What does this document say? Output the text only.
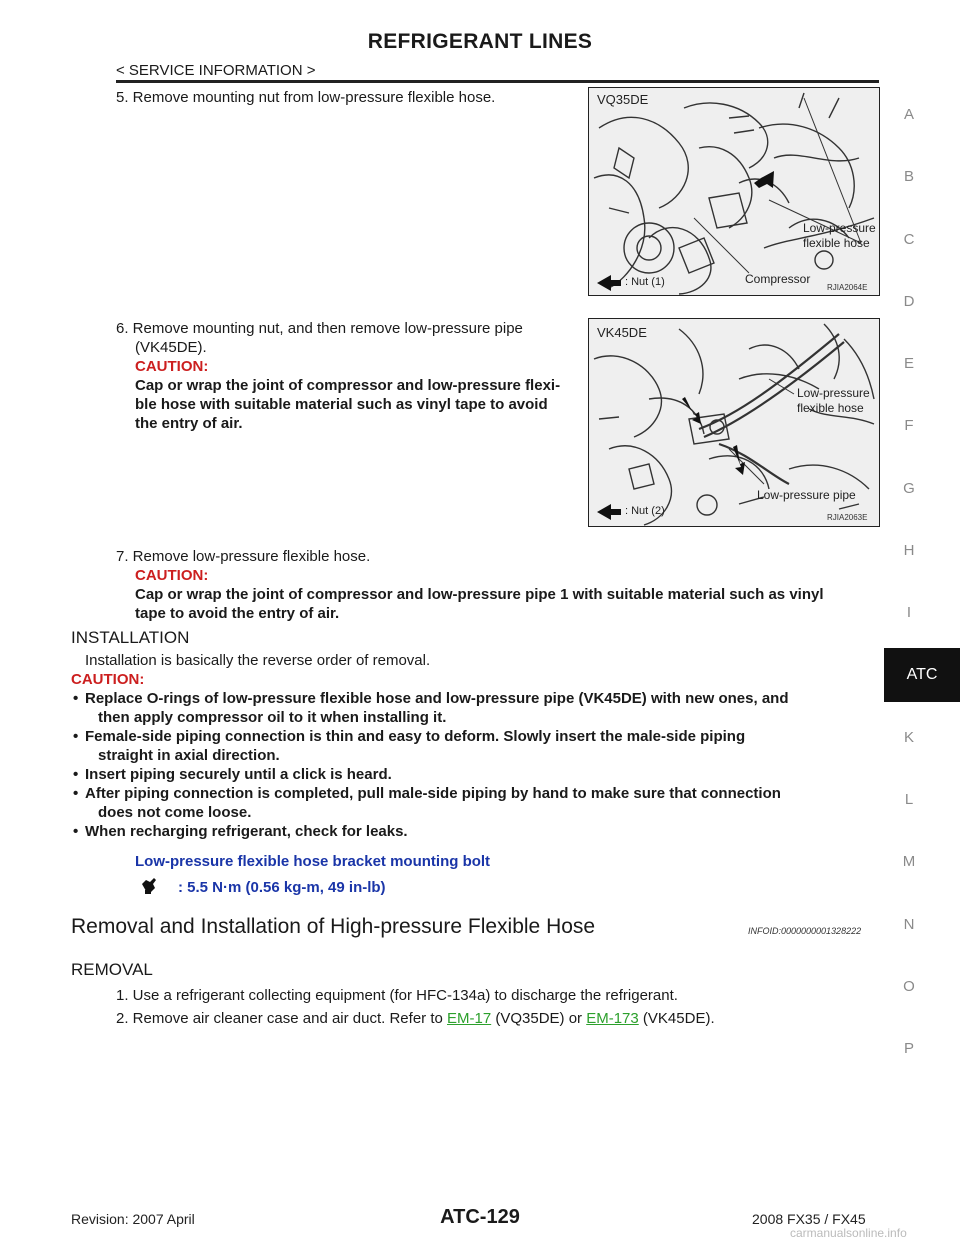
REFRIGERANT LINES
< SERVICE INFORMATION >
A
B
C
D
E
F
G
H
I
ATC
K
L
M
N
O
P
5. Remove mounting nut from low-pressure flexible hose.	VQ35DE
Low-pressure
flexible hose
Compressor
: Nut (1)	RJIA2064E
6. Remove mounting nut, and then remove low-pressure pipe
(VK45DE).
CAUTION:
Cap or wrap the joint of compressor and low-pressure flexi-
ble hose with suitable material such as vinyl tape to avoid
the entry of air.
VK45DE
Low-pressure
flexible hose
Low-pressure pipe
: Nut (2)
RJIA2063E
7. Remove low-pressure flexible hose.
CAUTION:
Cap or wrap the joint of compressor and low-pressure pipe 1 with suitable material such as vinyl
tape to avoid the entry of air.
INSTALLATION
Installation is basically the reverse order of removal.
CAUTION:
• Replace O-rings of low-pressure flexible hose and low-pressure pipe (VK45DE) with new ones, and
then apply compressor oil to it when installing it.
• Female-side piping connection is thin and easy to deform. Slowly insert the male-side piping
straight in axial direction.
• Insert piping securely until a click is heard.
• After piping connection is completed, pull male-side piping by hand to make sure that connection
does not come loose.
• When recharging refrigerant, check for leaks.
Low-pressure flexible hose bracket mounting bolt
: 5.5 N·m (0.56 kg-m, 49 in-lb)
Removal and Installation of High-pressure Flexible Hose	INFOID:0000000001328222
REMOVAL
1. Use a refrigerant collecting equipment (for HFC-134a) to discharge the refrigerant.
2. Remove air cleaner case and air duct. Refer to EM-17 (VQ35DE) or EM-173 (VK45DE).
Revision: 2007 April	ATC-129	2008 FX35 / FX45
carmanualsonline.info
